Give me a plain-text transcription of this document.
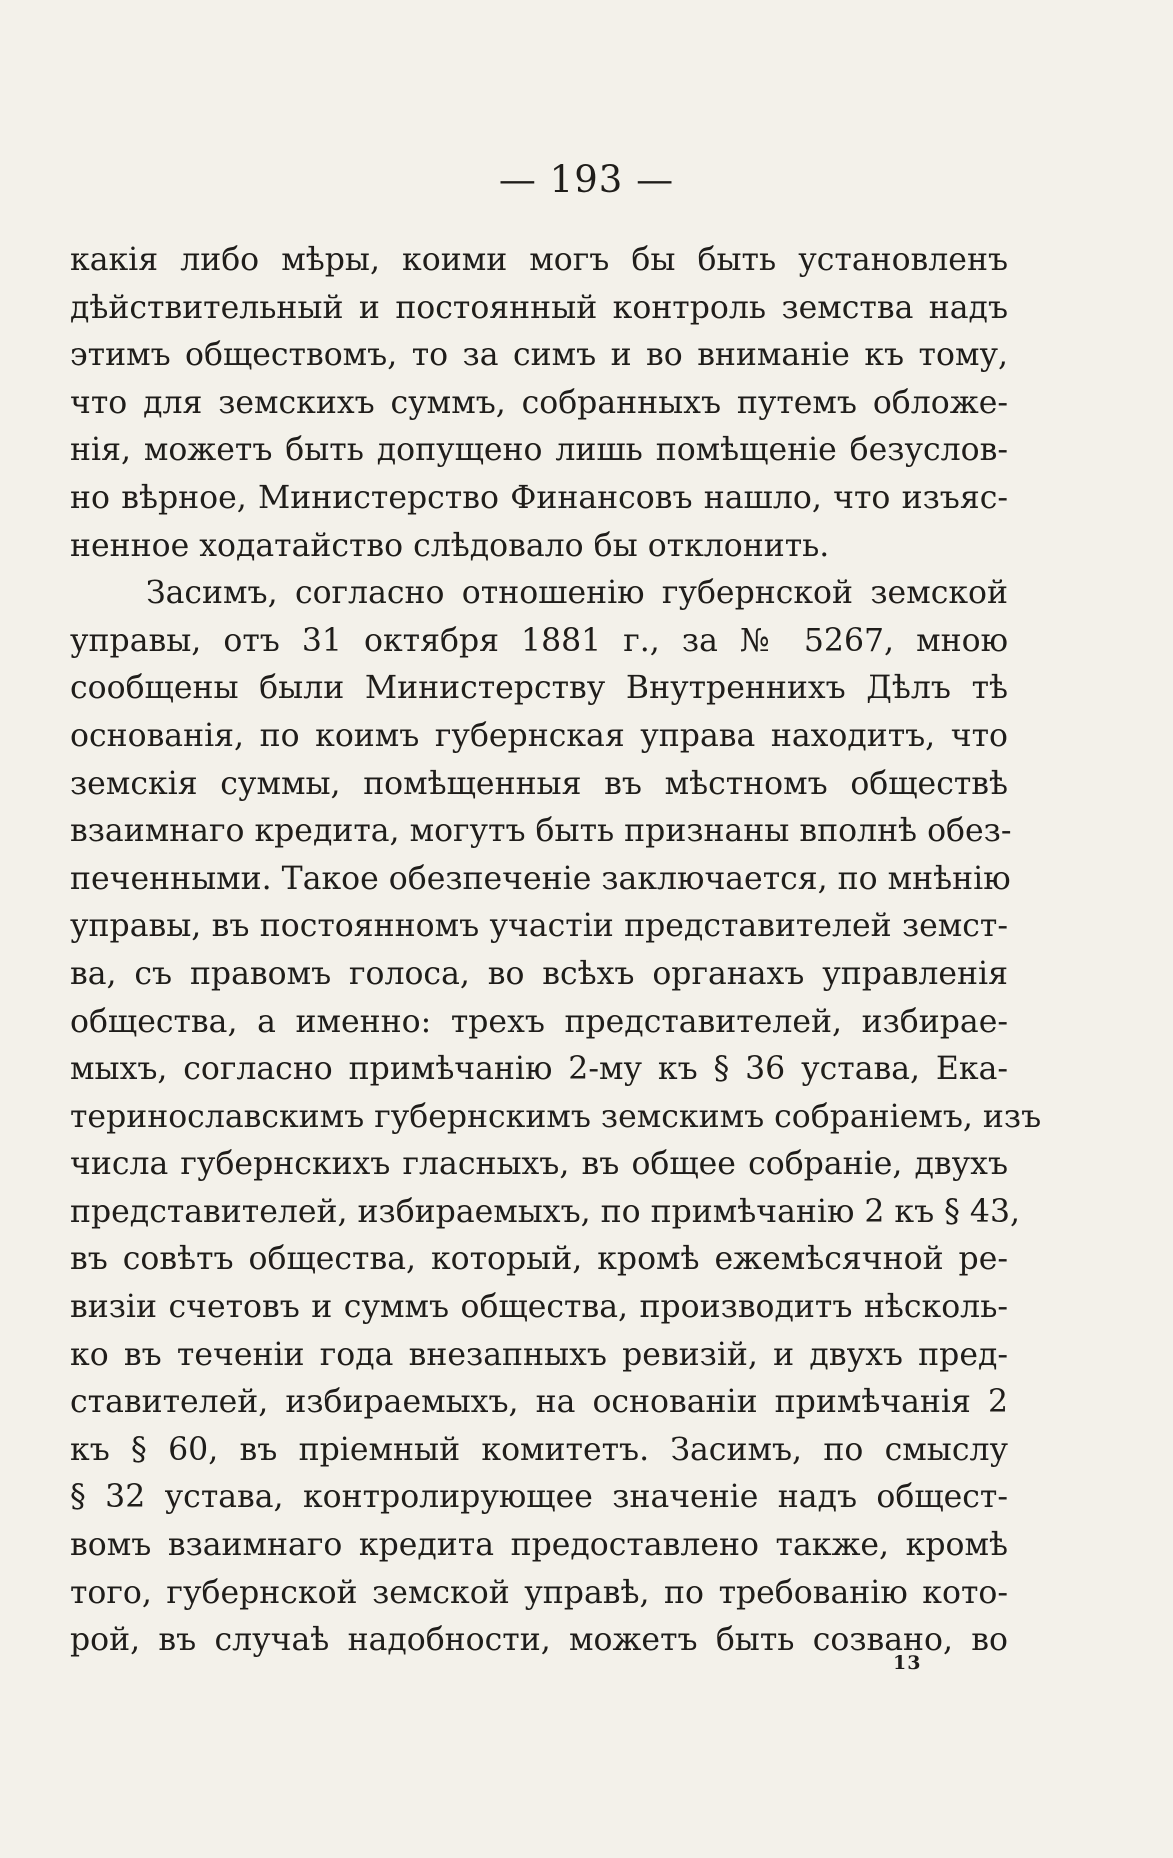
— 193 —
какія либо мѣры, коими могъ бы быть установленъ
дѣйствительный и постоянный контроль земства надъ
этимъ обществомъ, то за симъ и во вниманіе къ тому,
что для земскихъ суммъ, собранныхъ путемъ обложе-
нія, можетъ быть допущено лишь помѣщеніе безуслов-
но вѣрное, Министерство Финансовъ нашло, что изъяс-
ненное ходатайство слѣдовало бы отклонить.
Засимъ, согласно отношенію губернской земской
управы, отъ 31 октября 1881 г., за № 5267, мною
сообщены были Министерству Внутреннихъ Дѣлъ тѣ
основанія, по коимъ губернская управа находитъ, что
земскія суммы, помѣщенныя въ мѣстномъ обществѣ
взаимнаго кредита, могутъ быть признаны вполнѣ обез-
печенными. Такое обезпеченіе заключается, по мнѣнію
управы, въ постоянномъ участіи представителей земст-
ва, съ правомъ голоса, во всѣхъ органахъ управленія
общества, а именно: трехъ представителей, избирае-
мыхъ, согласно примѣчанію 2-му къ § 36 устава, Ека-
теринославскимъ губернскимъ земскимъ собраніемъ, изъ
числа губернскихъ гласныхъ, въ общее собраніе, двухъ
представителей, избираемыхъ, по примѣчанію 2 къ § 43,
въ совѣтъ общества, который, кромѣ ежемѣсячной ре-
визіи счетовъ и суммъ общества, производитъ нѣсколь-
ко въ теченіи года внезапныхъ ревизій, и двухъ пред-
ставителей, избираемыхъ, на основаніи примѣчанія 2
къ § 60, въ пріемный комитетъ. Засимъ, по смыслу
§ 32 устава, контролирующее значеніе надъ общест-
вомъ взаимнаго кредита предоставлено также, кромѣ
того, губернской земской управѣ, по требованію кото-
рой, въ случаѣ надобности, можетъ быть созвано, во
13
